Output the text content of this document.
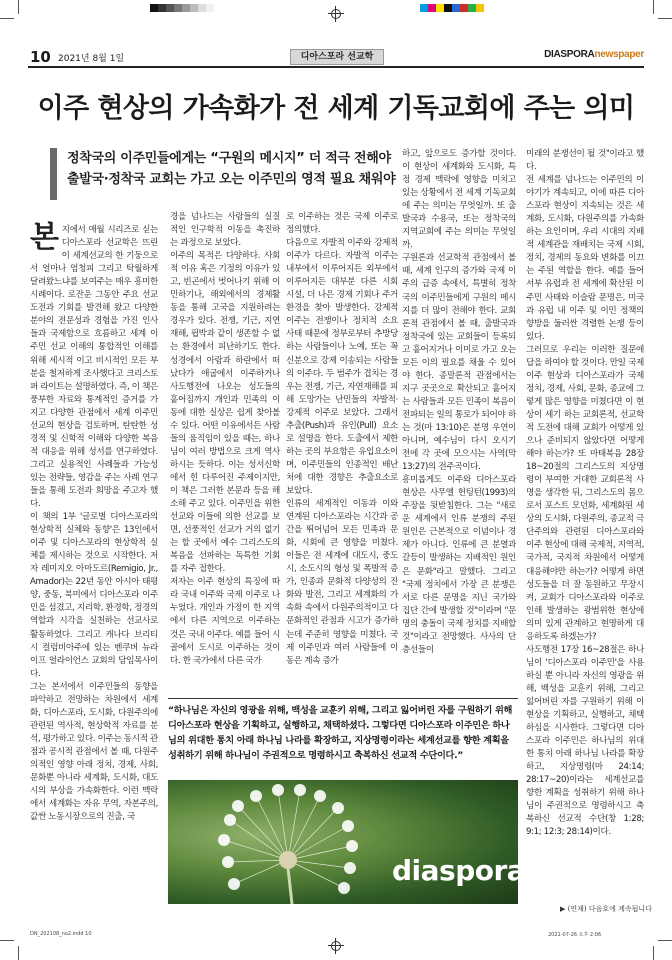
10 2021년 8월 1일	디아스포라 선교학	DIASPORAnewspaper
이주 현상의 가속화가 전 세계 기독교회에 주는 의미
정착국의 이주민들에게는 “구원의 메시지” 더 적극 전해야
출발국·정착국 교회는 가고 오는 이주민의 영적 필요 채워야

본지에서 매월 시리즈로 싣는 디아스포라 선교학은 뜨린이 세계선교의 한 기둥으로서 얼마나 엄청피 그리고 탁월하게 달려왔느냐를 보여주는 매우 흥미한 시례이다. 로잔운 그동안 주요 선교 도전과 기회를 발견해 왔고 다양한 분야의 전문성과 경험을 가진 인사들과 국제함으로 흐름하고 세계 이주민 선교 이해의 통합적인 이해를 위해 세시적 이고 비시적인 모든 부분을 철저하게 조사했다고 크리스토퍼 라이트는 설명하였다. 즉, 이 책은 풍부한 자료와 통계적인 증거를 가지고 다양한 관점에서 세계 이주민 선교의 현상을 검토하며, 탄탄한 성경적 및 신학적 이해와 다양한 복음적 대응을 위해 성서를 연구하였다. 그리고 실용적인 사례들과 가능성 있는 전략들, 영감을 주는 사례 연구들을 통해 도전과 희망을 주고자 했다.
이 책의 1부 '글로벌 디아스포라의 현상학적 실체와 동향'은 13인에서 이주 및 디아스포라의 현상학적 실체를 제시하는 것으로 시작한다. 저자 레미지오 아마도르(Remigio, Jr., Amador)는 22년 동안 아시아 태평양, 중동, 북미에서 디아스포라 이주민을 섬겼고, 지리학, 환경학, 정경의 역할과 시각을 실천하는 선교사로 활동하였다. 그리고 캐나다 브리티시 컬럼비아주에 있는 벤쿠버 뉴라이프 얼라이언스 교회의 담임목사이다.
그는 본서에서 이주민들의 동향을 파악하고 전망하는 차원에서 세계화, 디아스포라, 도시화, 다원주의에 관련된 역사적, 현상학적 자료를 분석, 평가하고 있다. 이주는 동시적 관점과 공시적 관점에서 볼 때, 다원주의적인 영향 아래 정치, 경제, 사회, 문화뿐 아니라 세계화, 도시화, 대도시의 부상을 가속화한다. 이런 맥락에서 세계화는 자유 무역, 자본주의, 값싼 노동시장으로의 진출, 국

경을 넘나드는 사람들의 실질적인 인구학적 이동을 촉진하는 과정으로 보았다.
이주의 목적은 다양하다. 사회적 이유 혹은 기정의 이유가 있고, 빈곤에서 벗어나기 위해 이민하기나, 해외에서의 경제활동을 통해 고국을 지원하려는 경우가 있다. 전쟁, 기근, 지연재해, 핍박과 같이 생존할 수 없는 환경에서 피난하기도 한다. 성경에서 아람과 하란에서 떠났다가 애굽에서 이주하거나 사도행전에 나오는 성도들의 흩어짐까지 개인과 민족의 이동에 대한 실상은 쉽게 찾아볼 수 있다. 어떤 이유에서든 사람들의 움직임이 있을 때는, 하나님이 여러 방법으로 크게 역사하시는 듯하다. 이는 성서신학에서 힌 다루어진 주제이지만, 이 책은 그러한 본문과 등을 해소해 주고 있다. 이주민을 위한 선교와 이들에 의한 선교를 보면, 선풍적인 선교가 거의 없기는 할 곳에서 예수 그리스도의 복음을 선파하는 독특한 기회를 자주 접한다.
저자는 이주 현상의 특징에 따라 국내 이주와 국제 이주로 나누었다. 개인과 가정이 한 지역에서 다른 지역으로 이주하는 것은 국내 이주다. 예를 들어 시골에서 도시로 이주하는 것이다. 한 국가에서 다른 국가
로 이주하는 것은 국제 이주로 정의했다.
다음으로 자발적 이주와 강제적 이주가 다르다. 자발적 이주는 내부에서 이루어지든 외부에서 이루어지든 대부분 다른 시회 시설, 더 나은 경제 기회나 주거 환경을 찾아 발생한다. 강제적 이주는 전쟁이나 정치적 소요 사태 때문에 정부로부터 추방당하는 사람들이나 노예, 또는 꼭 신분으로 강제 이송되는 사람들의 이주다. 두 범주가 겹치는 경우는 전쟁, 기근, 자연재해를 피해 도망가는 난민들의 자발적·강제적 이주로 보았다. 그래서 추출(Push)과 유인(Pull) 요소로 설명을 한다. 도출에서 제한하는 곳의 부요함은 유입요소이며, 이주민들의 인종적인 배난처에 대한 경향은 추출요소로 보았다.
인류의 세계적인 이동과 이와 연계된 디아스포라는 시간과 공간을 뛰어넘어 모든 민족과 문화, 시회에 큰 영향을 미쳤다. 이들은 전 세계에 대도시, 중도시, 소도시의 형성 및 폭발적 증가, 인종과 문화적 다양성의 진화와 발전, 그리고 세계화의 가속화 속에서 다원주의적이고 다문화적인 관점과 시고가 증가하는데 주준히 영향을 미쳤다. 국제 이주민과 여러 사람들에 이동은 계속 증가
하고, 앞으로도 증가할 것이다. 이 현상이 세계화와 도시화, 특정 경제 맥락에 영향을 미치고 있는 상황에서 전 세계 기독교회에 주는 의미는 무엇일까. 또 출발국과 수용국, 또는 정착국의 지역교회에 주는 의미는 무엇일까.
구원론과 선교학적 관점에서 볼 때, 세계 인구의 증가와 국제 이주의 급증 속에서, 특별히 정착국의 이주민들에게 구원의 메시지를 더 많이 전해야 한다. 교회론적 관점에서 볼 때, 출발국과 정착국에 있는 교회들이 등록되고 흩어지거나 이미로 가고 오는 모든 이의 필요를 채울 수 있어야 한다. 종말론적 관점에서는 지구 곳곳으로 확산되고 흩어지는 사람들과 모든 민족이 복음이 전파되는 일의 통로가 되어야 하는 것(마 13:10)은 분명 우연이 아니며, 예수님이 다시 오시기 전에 각 곳에 모으시는 사역(막 13:27)의 전주곡이다.
흥미롭게도 이주와 디아스포라 현상은 사무엘 헌팅턴(1993)의 주장을 뒷받침한다. 그는 "새로운 세계에서 인류 분쟁의 주된 원인은 근본적으로 이념이나 경제가 아니다. 인류에 큰 분열과 갈등이 발생하는 지배적인 원인은 문화"라고 말했다. 그리고 "국제 정치에서 가장 큰 분쟁은 서로 다른 문명을 지닌 국가와 집단 간에 발생할 것"이라며 "문명의 충돌이 국제 정치를 지배할 것"이라고 전망했다. 사사의 단층선들이
미래의 분쟁선이 될 것"이라고 했다.
전 세계를 넘나드는 이주민의 이야기가 계속되고, 이에 따른 디아스포라 현상이 지속되는 것은 세계화, 도시화, 다원주의를 가속화하는 요인이며, 우리 시대의 지배적 세계관을 재배치는 국제 시회, 정치, 경제의 동요와 변화를 이끄는 주된 역할을 한다. 예를 들어 서부 유럽과 전 세계에 확산된 이주민 사태와 이슬람 문명은, 미국과 유럽 내 이주 및 이민 정책의 향방을 둘러싼 격렬한 논쟁 등이 있다.
그러므로 우리는 이러한 질문에 답을 하여야 할 것이다. 만일 국제 이주 현상과 디아스포라가 국제 정치, 경제, 사회, 문화, 종교에 그렇게 많은 영향을 미쳤다면 이 현상이 세기 하는 교회론적, 선교학적 도전에 대해 교회가 어떻게 있으나 준비되지 않았다면 어떻게 해야 하는가? 또 마태복음 28장 18~20절의 그리스도의 지상명령이 부여한 거대한 교회론적 사명을 생각한 뒤, 그리스도의 몸으로서 포스트 모던화, 세계화된 세상의 도시화, 다원주의, 종교적 극단주의와 관련된 디아스포라와 이주 현상에 대해 국제적, 지역적, 국가적, 국지적 차원에서 어떻게 대응해야만 하는가? 어떻게 하면 성도들을 더 잘 동원하고 무장시켜, 교회가 디아스포라와 이주로 인해 발생하는 광범위한 현상에 의미 있게 관계하고 현명하게 대응하도록 하겠는가?
사도행전 17장 16~28절은 하나님이 '디아스포라 이주민'을 사용하실 뿐 아니라 자신의 영광을 위해, 백성을 교훈키 위해, 그리고 잃어버린 자를 구원하기 위해 이 현상을 기획하고, 실행하고, 채택하심을 시사한다. 그렇다면 디아스포라 이주민은 하나님의 위대한 통치 아래 하나님 나라를 확장하고, 지상명령(마 24:14; 28:17~20)이라는 세계선교를 향한 계획을 성취하기 위해 하나님이 주권적으로 명령하시고 축복하신 선교적 수단(창 1:28; 9:1; 12:3; 28:14)이다.
▶ (연재) 다음호에 계속됩니다
“하나님은 자신의 영광을 위해, 백성을 교훈키 위해, 그리고 잃어버린 자를 구원하기 위해 디아스포라 현상을 기획하고, 실행하고, 채택하셨다. 그렇다면 디아스포라 이주민은 하나님의 위대한 통치 아래 하나님 나라를 확장하고, 지상명령이라는 세계선교를 향한 계획을 성취하기 위해 하나님이 주권적으로 명령하시고 축복하신 선교적 수단이다.”
diaspora*
DN_202108_no2.indd 10	2021-07-26 오후 2:06
